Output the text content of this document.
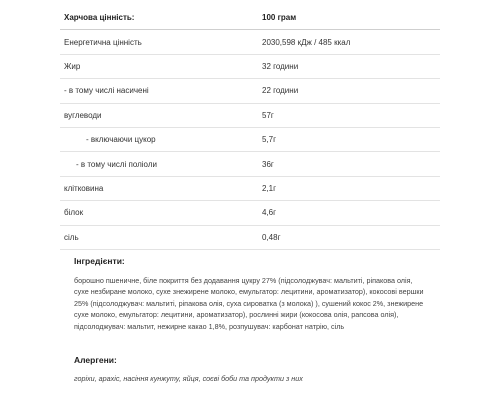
Харчова цінність:	100 грам
Енергетична цінність	2030,598 кДж / 485 ккал
Жир	32 години
- в тому числі насичені	22 години
вуглеводи	57г
- включаючи цукор	5,7г
- в тому числі поліоли	36г
клітковина	2,1г
білок	4,6г
сіль	0,48г
Інгредієнти:

борошно пшеничне, біле покриття без додавання цукру 27% (підсолоджувач: мальтиті, ріпакова олія, сухе незбиране молоко, сухе знежирене молоко, емульгатор: лецитини, ароматизатор), кокосові вершки 25% (підсолоджувач: мальтиті, ріпакова олія, суха сироватка (з молока) ), сушений кокос 2%, знежирене сухе молоко, емульгатор: лецитини, ароматизатор), рослинні жири (кокосова олія, рапсова олія), підсолоджувач: мальтит, нежирне какао 1,8%, розпушувач: карбонат натрію, сіль

Алергени:

горіхи, арахіс, насіння кунжуту, яйця, соєві боби та продукти з них
